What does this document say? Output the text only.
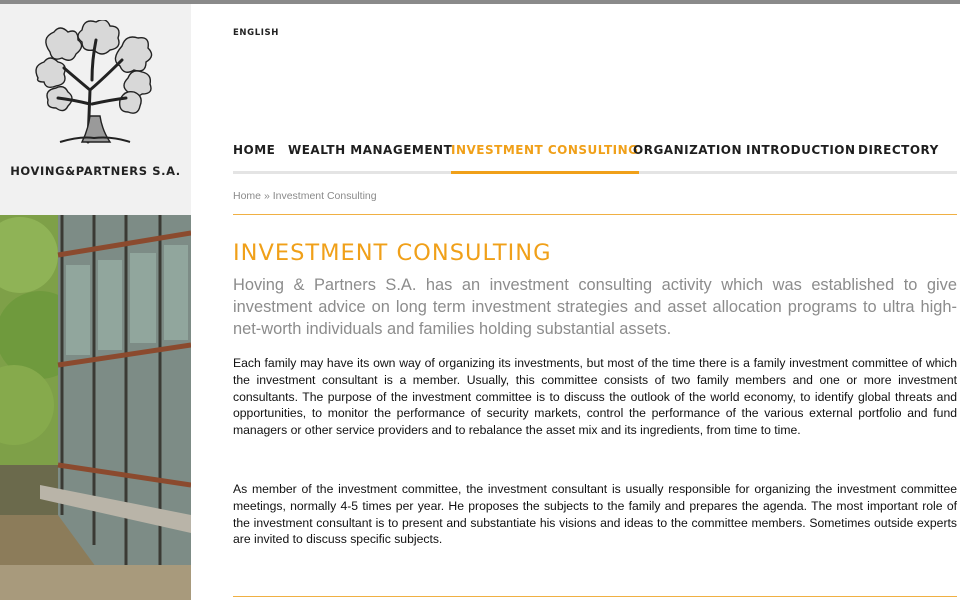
HOVING&PARTNERS S.A.
ENGLISH
HOME WEALTH MANAGEMENT
INVESTMENT CONSULTING
ORGANIZATION INTRODUCTION DIRECTORY
Home » Investment Consulting
INVESTMENT CONSULTING

Hoving & Partners S.A. has an investment consulting activity which was established to give investment advice on long term investment strategies and asset allocation programs to ultra high-net-worth individuals and families holding substantial assets.

Each family may have its own way of organizing its investments, but most of the time there is a family investment committee of which the investment consultant is a member. Usually, this committee consists of two family members and one or more investment consultants. The purpose of the investment committee is to discuss the outlook of the world economy, to identify global threats and opportunities, to monitor the performance of security markets, control the performance of the various external portfolio and fund managers or other service providers and to rebalance the asset mix and its ingredients, from time to time.

As member of the investment committee, the investment consultant is usually responsible for organizing the investment committee meetings, normally 4-5 times per year. He proposes the subjects to the family and prepares the agenda. The most important role of the investment consultant is to present and substantiate his visions and ideas to the committee members. Sometimes outside experts are invited to discuss specific subjects.
